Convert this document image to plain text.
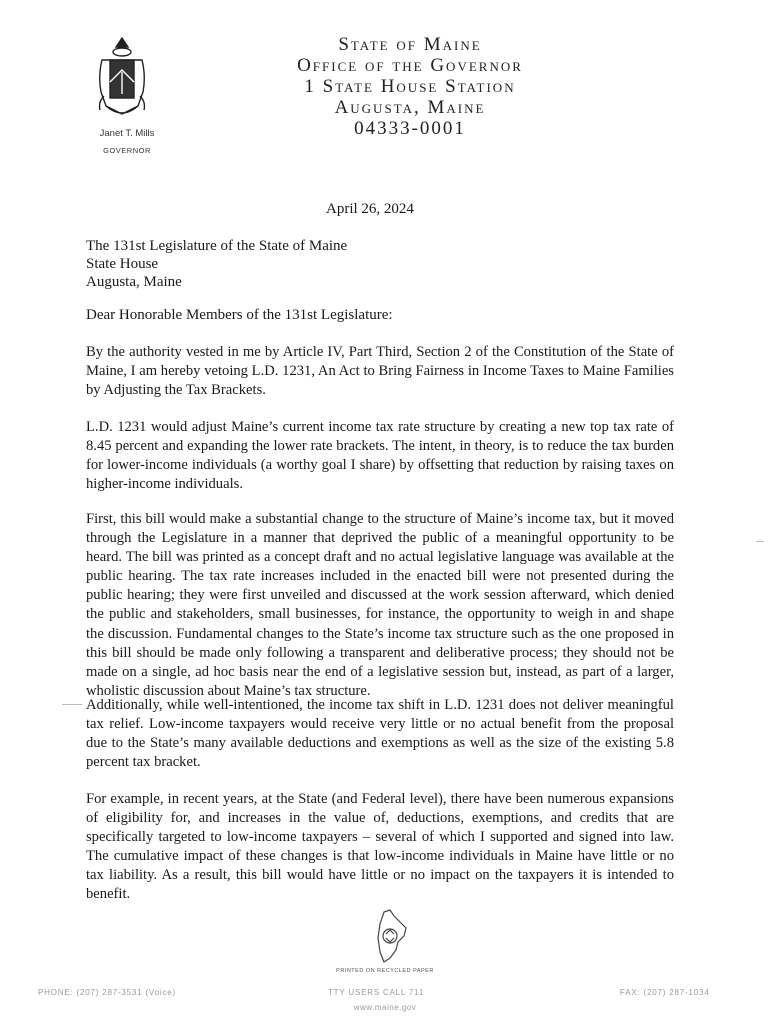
Janet T. Mills
GOVERNOR
State of Maine
Office of the Governor
1 State House Station
Augusta, Maine
04333-0001
April 26, 2024
The 131st Legislature of the State of Maine
State House
Augusta, Maine
Dear Honorable Members of the 131st Legislature:
By the authority vested in me by Article IV, Part Third, Section 2 of the Constitution of the State of Maine, I am hereby vetoing L.D. 1231, An Act to Bring Fairness in Income Taxes to Maine Families by Adjusting the Tax Brackets.
L.D. 1231 would adjust Maine’s current income tax rate structure by creating a new top tax rate of 8.45 percent and expanding the lower rate brackets. The intent, in theory, is to reduce the tax burden for lower-income individuals (a worthy goal I share) by offsetting that reduction by raising taxes on higher-income individuals.
First, this bill would make a substantial change to the structure of Maine’s income tax, but it moved through the Legislature in a manner that deprived the public of a meaningful opportunity to be heard. The bill was printed as a concept draft and no actual legislative language was available at the public hearing. The tax rate increases included in the enacted bill were not presented during the public hearing; they were first unveiled and discussed at the work session afterward, which denied the public and stakeholders, small businesses, for instance, the opportunity to weigh in and shape the discussion. Fundamental changes to the State’s income tax structure such as the one proposed in this bill should be made only following a transparent and deliberative process; they should not be made on a single, ad hoc basis near the end of a legislative session but, instead, as part of a larger, wholistic discussion about Maine’s tax structure.
Additionally, while well-intentioned, the income tax shift in L.D. 1231 does not deliver meaningful tax relief. Low-income taxpayers would receive very little or no actual benefit from the proposal due to the State’s many available deductions and exemptions as well as the size of the existing 5.8 percent tax bracket.
For example, in recent years, at the State (and Federal level), there have been numerous expansions of eligibility for, and increases in the value of, deductions, exemptions, and credits that are specifically targeted to low-income taxpayers – several of which I supported and signed into law. The cumulative impact of these changes is that low-income individuals in Maine have little or no tax liability. As a result, this bill would have little or no impact on the taxpayers it is intended to benefit.
PRINTED ON RECYCLED PAPER
PHONE: (207) 287-3531 (Voice)	TTY USERS CALL 711	FAX: (207) 287-1034
www.maine.gov
